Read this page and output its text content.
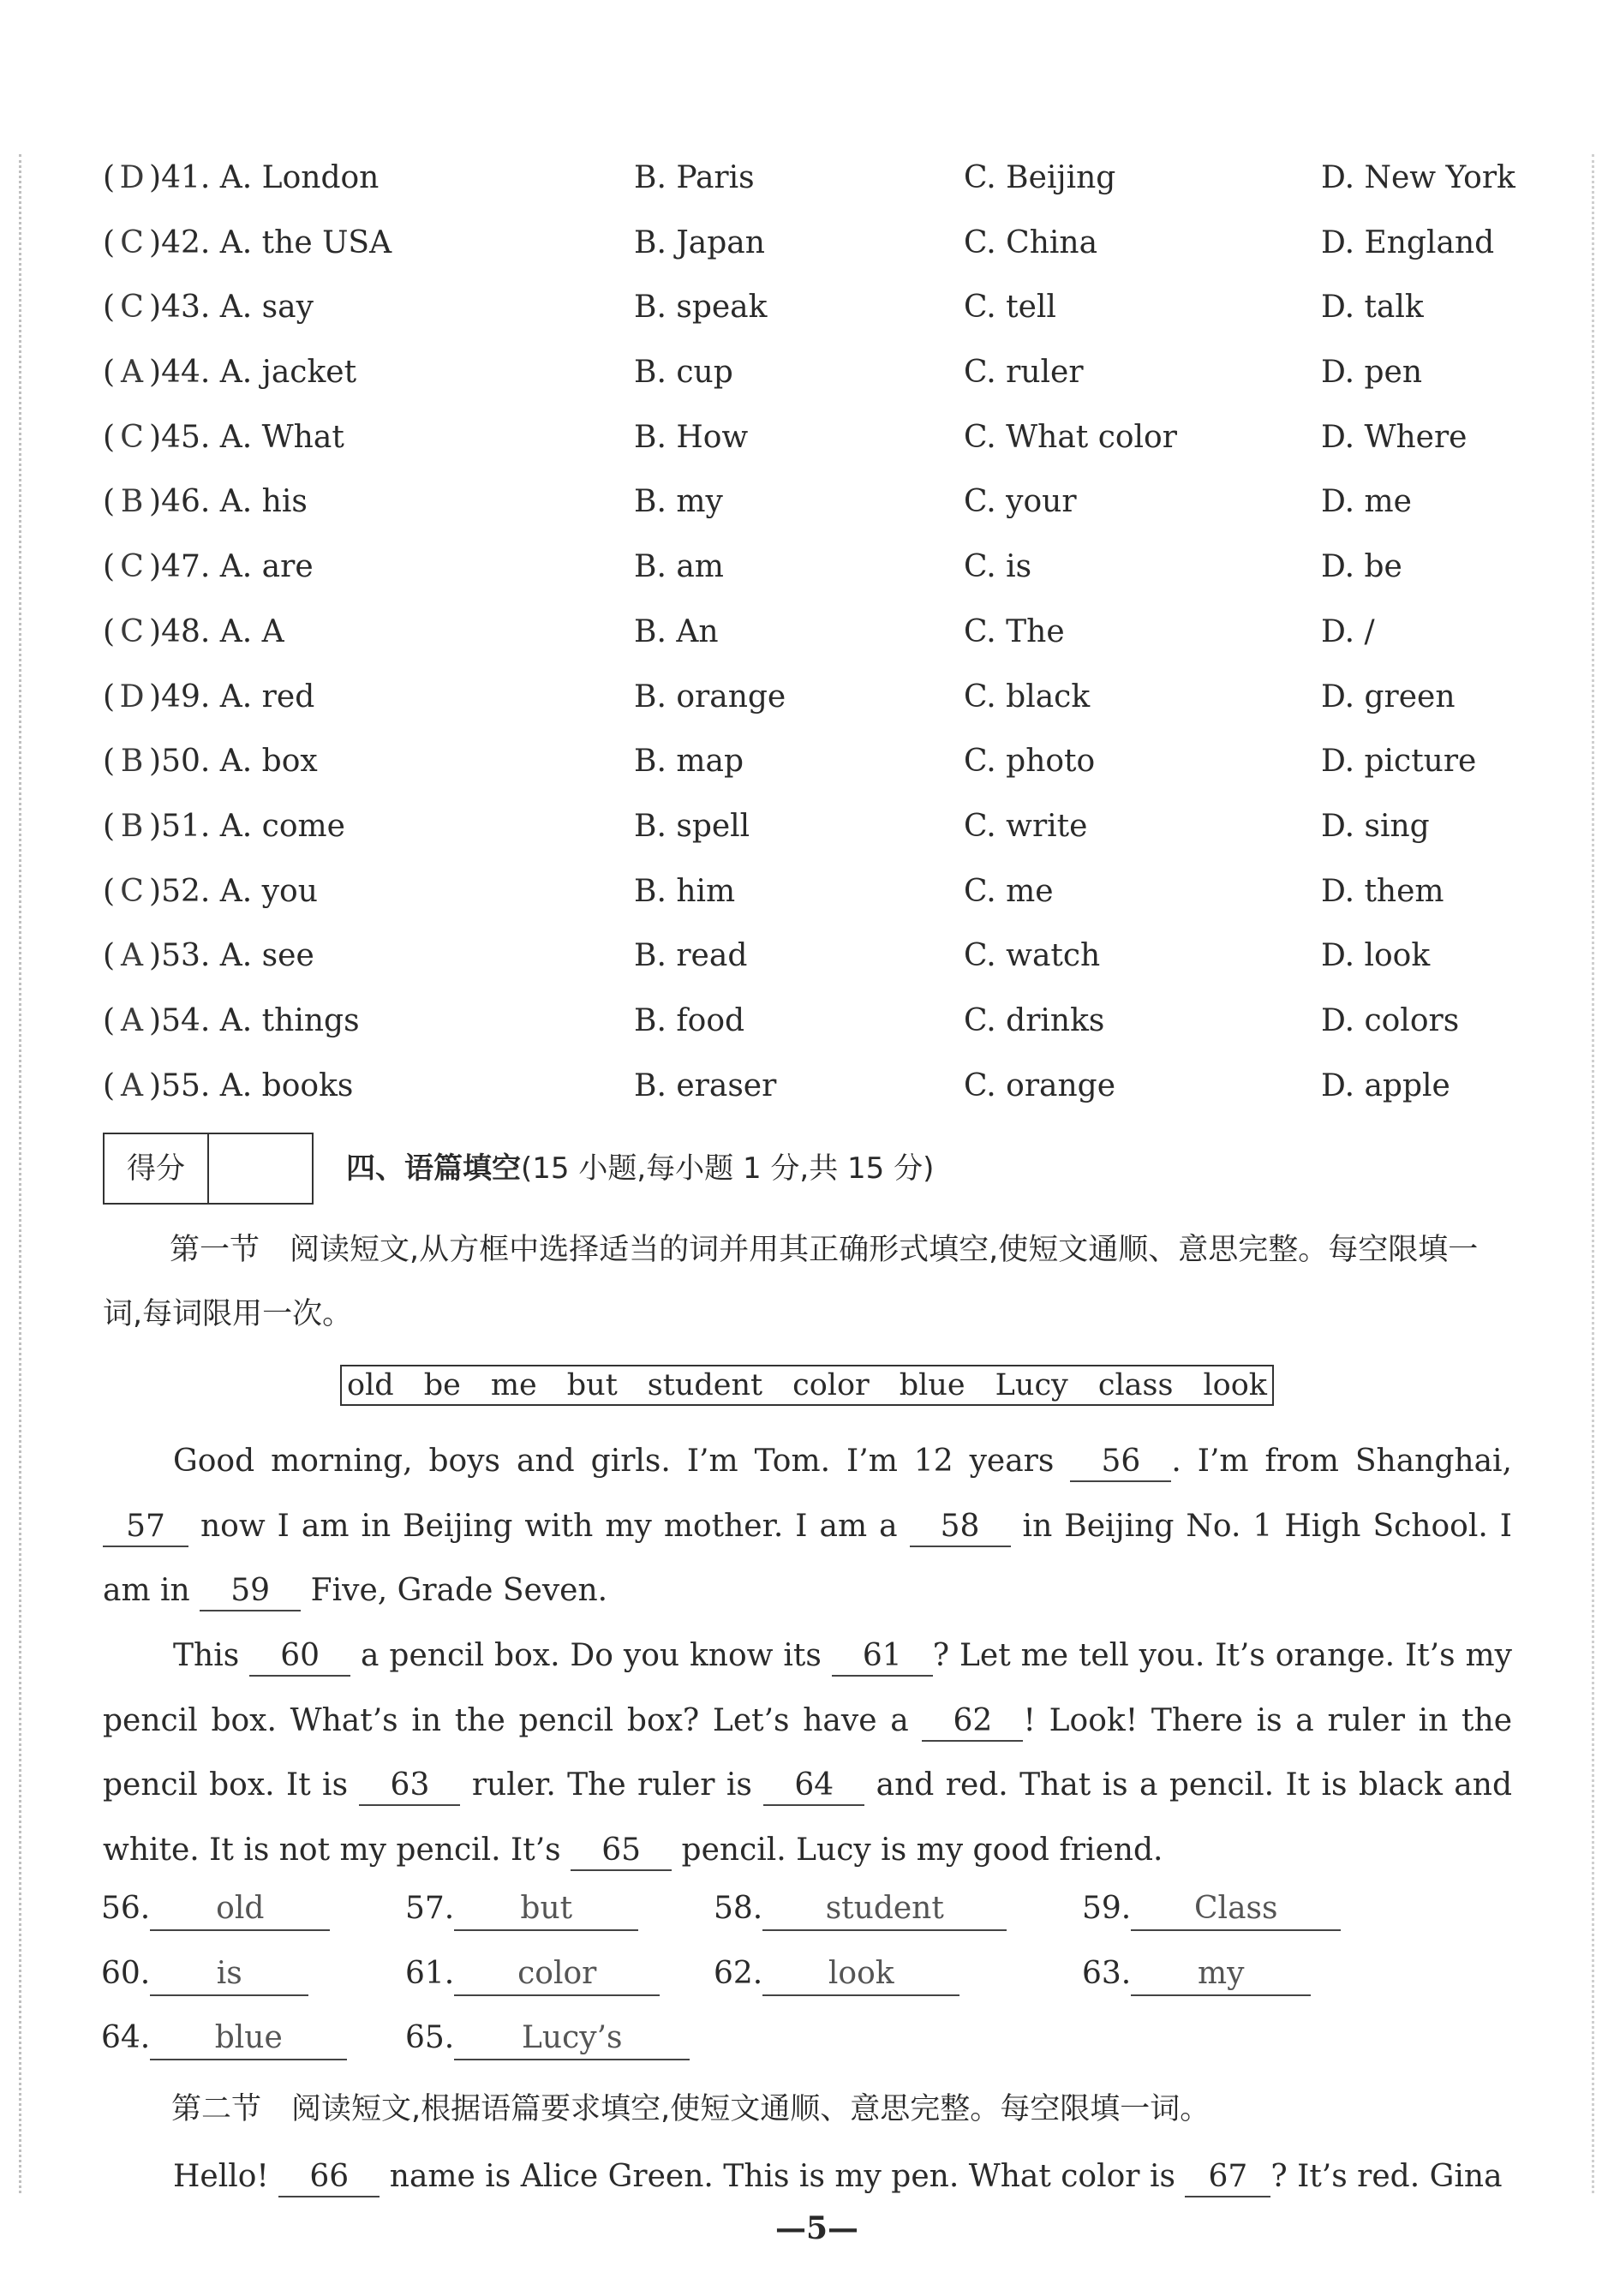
( D )41. A. London	B. Paris	C. Beijing	D. New York
( C )42. A. the USA	B. Japan	C. China	D. England
( C )43. A. say	B. speak	C. tell	D. talk
( A )44. A. jacket	B. cup	C. ruler	D. pen
( C )45. A. What	B. How	C. What color	D. Where
( B )46. A. his	B. my	C. your	D. me
( C )47. A. are	B. am	C. is	D. be
( C )48. A. A	B. An	C. The	D. /
( D )49. A. red	B. orange	C. black	D. green
( B )50. A. box	B. map	C. photo	D. picture
( B )51. A. come	B. spell	C. write	D. sing
( C )52. A. you	B. him	C. me	D. them
( A )53. A. see	B. read	C. watch	D. look
( A )54. A. things	B. food	C. drinks	D. colors
( A )55. A. books	B. eraser	C. orange	D. apple
得分	四、语篇填空(15 小题,每小题 1 分,共 15 分)
第一节　阅读短文,从方框中选择适当的词并用其正确形式填空,使短文通顺、意思完整。每空限填一词,每词限用一次。
old be me but student color blue Lucy class look
Good morning, boys and girls. I’m Tom. I’m 12 years 56 . I’m from Shanghai, 57 now I am in Beijing with my mother. I am a 58 in Beijing No. 1 High School. I am in 59 Five, Grade Seven.
This 60 a pencil box. Do you know its 61 ? Let me tell you. It’s orange. It’s my pencil box. What’s in the pencil box? Let’s have a 62 ! Look! There is a ruler in the pencil box. It is 63 ruler. The ruler is 64 and red. That is a pencil. It is black and white. It is not my pencil. It’s 65 pencil. Lucy is my good friend.
56. old	57. but	58. student	59. Class
60. is	61. color	62. look	63. my
64. blue	65. Lucy’s
第二节　阅读短文,根据语篇要求填空,使短文通顺、意思完整。每空限填一词。
Hello! 66 name is Alice Green. This is my pen. What color is 67 ? It’s red. Gina
—5—
